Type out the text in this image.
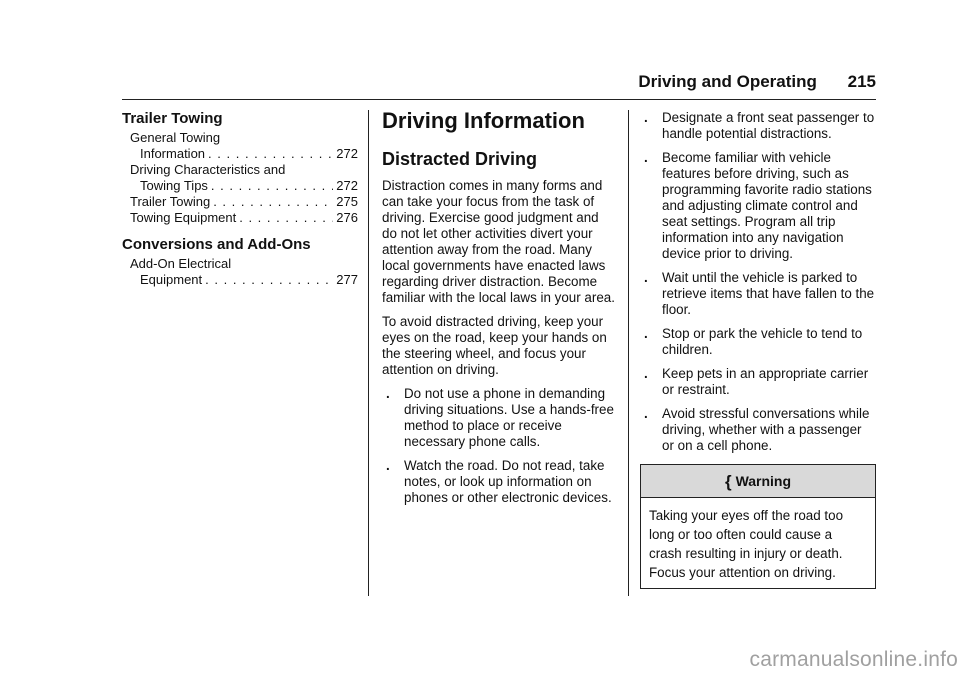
Driving and Operating 215
Trailer Towing
General Towing
Information . . .	272
Driving Characteristics and
Towing Tips . . .	272
Trailer Towing . . .	275
Towing Equipment . . .	276
Conversions and Add-Ons
Add-On Electrical
Equipment . . .	277
Driving Information
Distracted Driving

Distraction comes in many forms and can take your focus from the task of driving. Exercise good judgment and do not let other activities divert your attention away from the road. Many local governments have enacted laws regarding driver distraction. Become familiar with the local laws in your area.

To avoid distracted driving, keep your eyes on the road, keep your hands on the steering wheel, and focus your attention on driving.

. Do not use a phone in demanding driving situations. Use a hands-free method to place or receive necessary phone calls.
. Watch the road. Do not read, take notes, or look up information on phones or other electronic devices.
. Designate a front seat passenger to handle potential distractions.
. Become familiar with vehicle features before driving, such as programming favorite radio stations and adjusting climate control and seat settings. Program all trip information into any navigation device prior to driving.
. Wait until the vehicle is parked to retrieve items that have fallen to the floor.
. Stop or park the vehicle to tend to children.
. Keep pets in an appropriate carrier or restraint.
. Avoid stressful conversations while driving, whether with a passenger or on a cell phone.
{ Warning
Taking your eyes off the road too long or too often could cause a crash resulting in injury or death. Focus your attention on driving.
carmanualsonline.info
